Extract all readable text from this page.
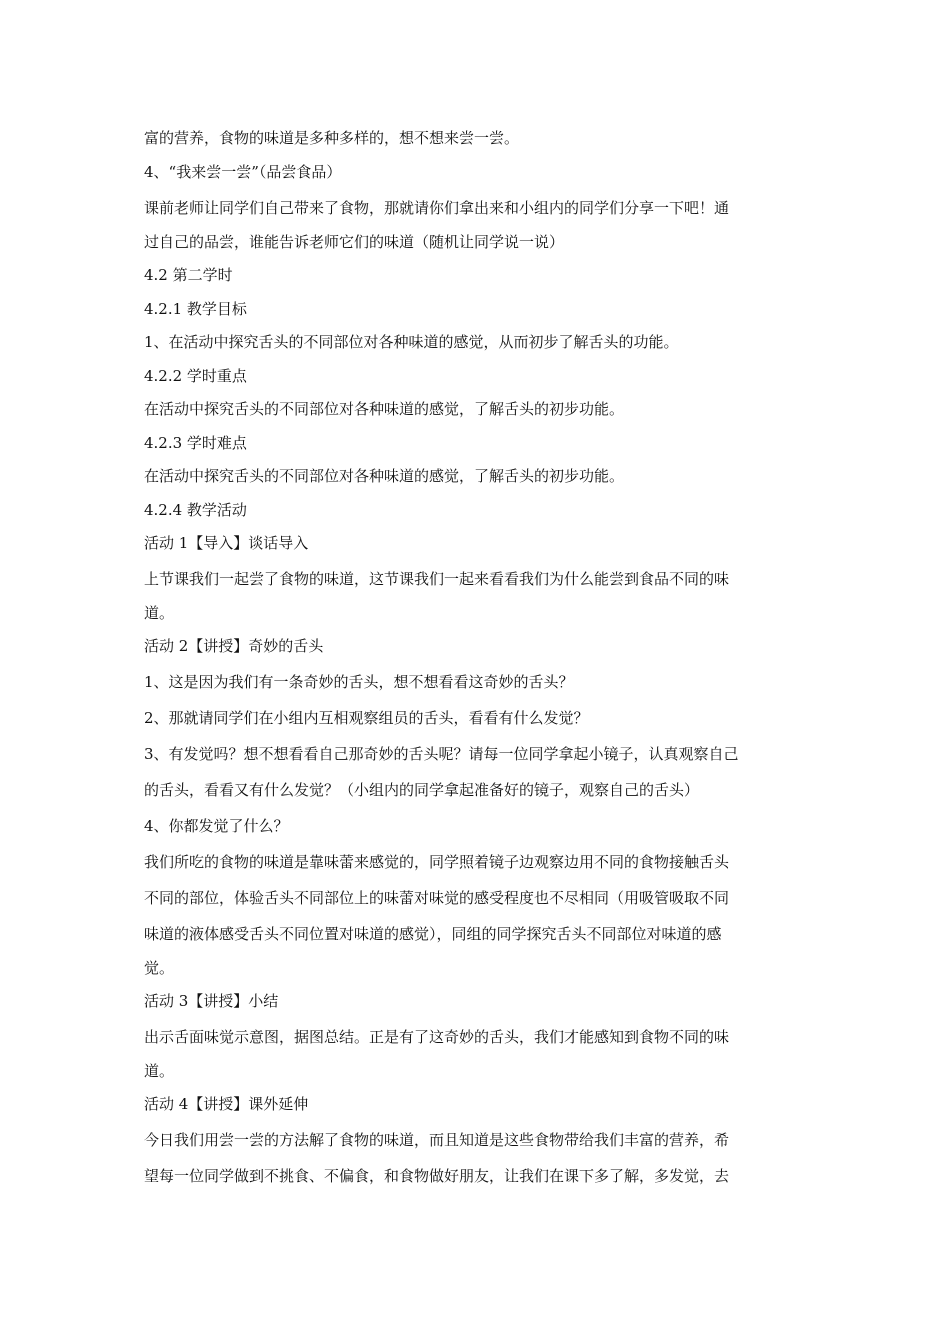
富的营养，食物的味道是多种多样的，想不想来尝一尝。
4、“我来尝一尝”（品尝食品）
课前老师让同学们自己带来了食物，那就请你们拿出来和小组内的同学们分享一下吧！通
过自己的品尝，谁能告诉老师它们的味道（随机让同学说一说）
4.2 第二学时
4.2.1 教学目标
1、在活动中探究舌头的不同部位对各种味道的感觉，从而初步了解舌头的功能。
4.2.2 学时重点
在活动中探究舌头的不同部位对各种味道的感觉，了解舌头的初步功能。
4.2.3 学时难点
在活动中探究舌头的不同部位对各种味道的感觉，了解舌头的初步功能。
4.2.4 教学活动
活动 1【导入】谈话导入
上节课我们一起尝了食物的味道，这节课我们一起来看看我们为什么能尝到食品不同的味
道。
活动 2【讲授】奇妙的舌头
1、这是因为我们有一条奇妙的舌头，想不想看看这奇妙的舌头？
2、那就请同学们在小组内互相观察组员的舌头，看看有什么发觉？
3、有发觉吗？想不想看看自己那奇妙的舌头呢？请每一位同学拿起小镜子，认真观察自己
的舌头，看看又有什么发觉？（小组内的同学拿起准备好的镜子，观察自己的舌头）
4、你都发觉了什么？
我们所吃的食物的味道是靠味蕾来感觉的，同学照着镜子边观察边用不同的食物接触舌头
不同的部位，体验舌头不同部位上的味蕾对味觉的感受程度也不尽相同（用吸管吸取不同
味道的液体感受舌头不同位置对味道的感觉），同组的同学探究舌头不同部位对味道的感
觉。
活动 3【讲授】小结
出示舌面味觉示意图，据图总结。正是有了这奇妙的舌头，我们才能感知到食物不同的味
道。
活动 4【讲授】课外延伸
今日我们用尝一尝的方法解了食物的味道，而且知道是这些食物带给我们丰富的营养，希
望每一位同学做到不挑食、不偏食，和食物做好朋友，让我们在课下多了解，多发觉，去
